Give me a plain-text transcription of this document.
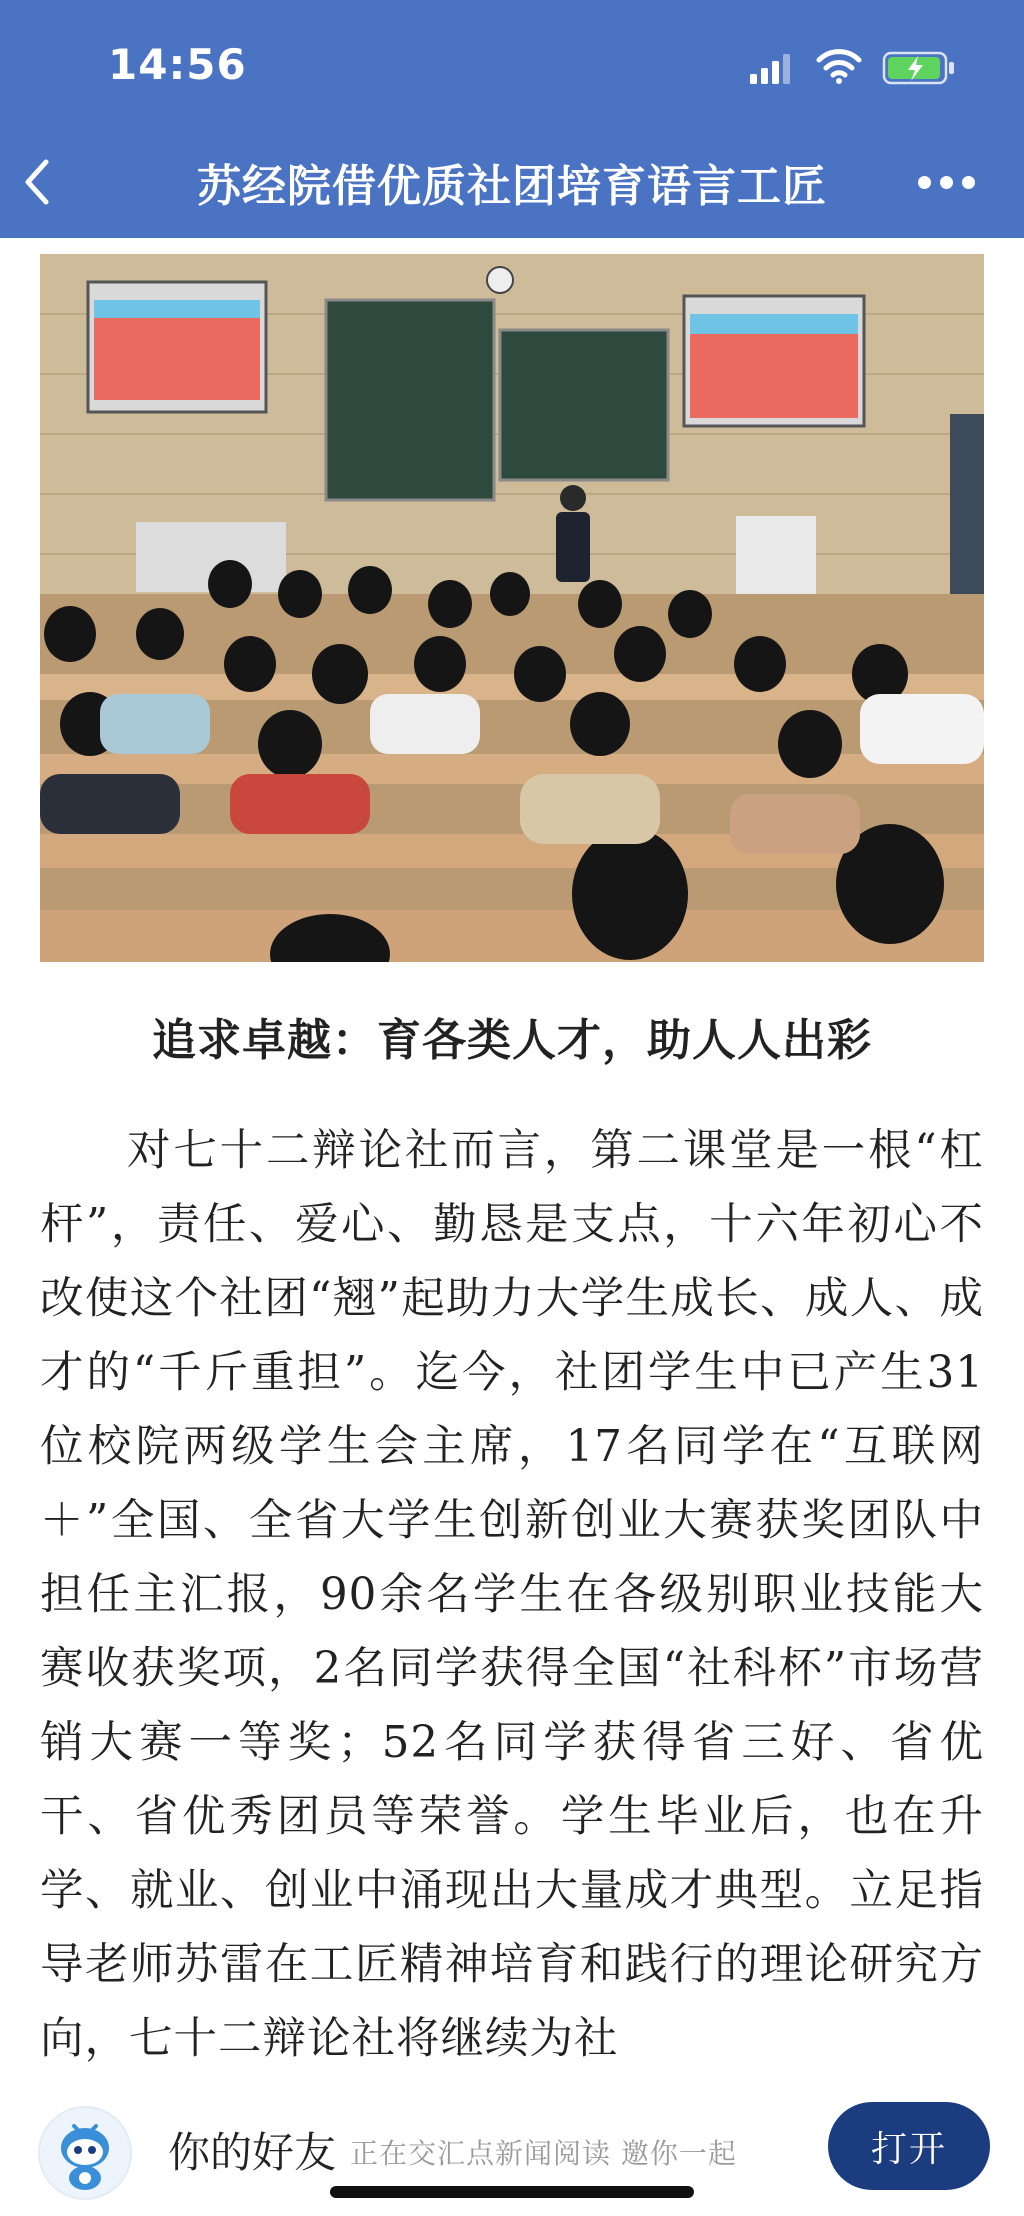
14:56
苏经院借优质社团培育语言工匠
追求卓越：育各类人才，助人人出彩
对七十二辩论社而言，第二课堂是一根“杠杆”，责任、爱心、勤恳是支点，十六年初心不改使这个社团“翘”起助力大学生成长、成人、成才的“千斤重担”。迄今，社团学生中已产生31位校院两级学生会主席，17名同学在“互联网＋”全国、全省大学生创新创业大赛获奖团队中担任主汇报，90余名学生在各级别职业技能大赛收获奖项，2名同学获得全国“社科杯”市场营销大赛一等奖；52名同学获得省三好、省优干、省优秀团员等荣誉。学生毕业后，也在升学、就业、创业中涌现出大量成才典型。立足指导老师苏雷在工匠精神培育和践行的理论研究方向，七十二辩论社将继续为社
你的好友 正在交汇点新闻阅读 邀你一起	打开
